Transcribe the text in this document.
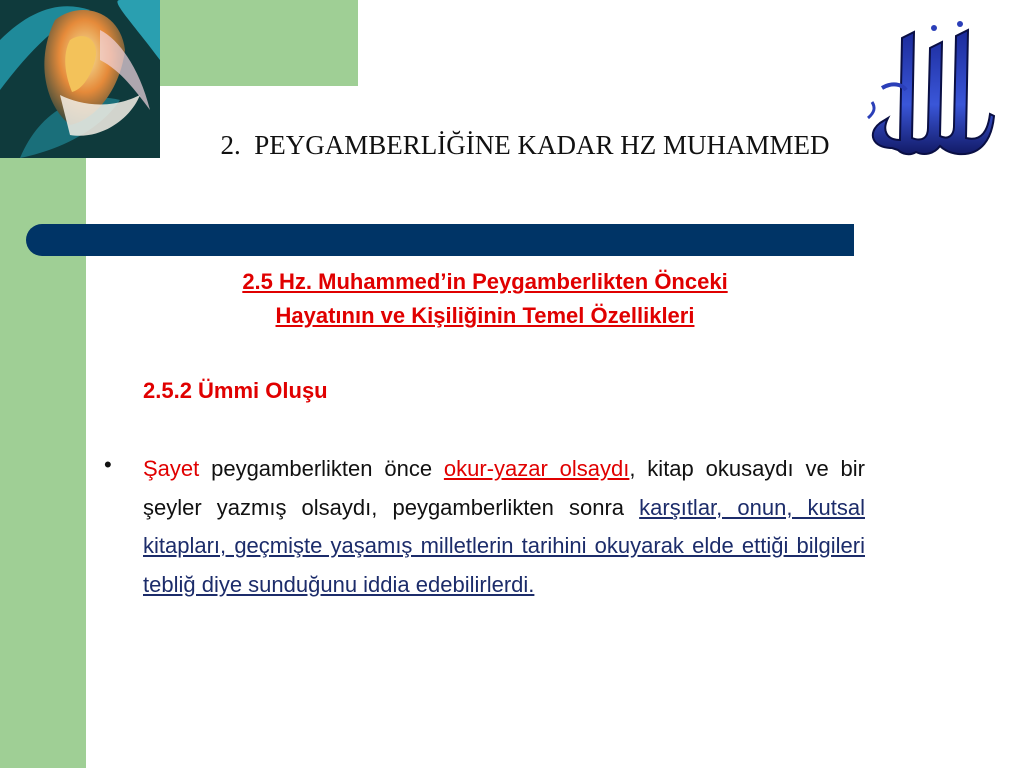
2. PEYGAMBERLİĞİNE KADAR HZ MUHAMMED
2.5 Hz. Muhammed’in Peygamberlikten Önceki
Hayatının ve Kişiliğinin Temel Özellikleri
2.5.2 Ümmi Oluşu
• Şayet peygamberlikten önce okur-yazar olsaydı, kitap okusaydı ve bir şeyler yazmış olsaydı, peygamberlikten sonra karşıtlar, onun, kutsal kitapları, geçmişte yaşamış milletlerin tarihini okuyarak elde ettiği bilgileri tebliğ diye sunduğunu iddia edebilirlerdi.
